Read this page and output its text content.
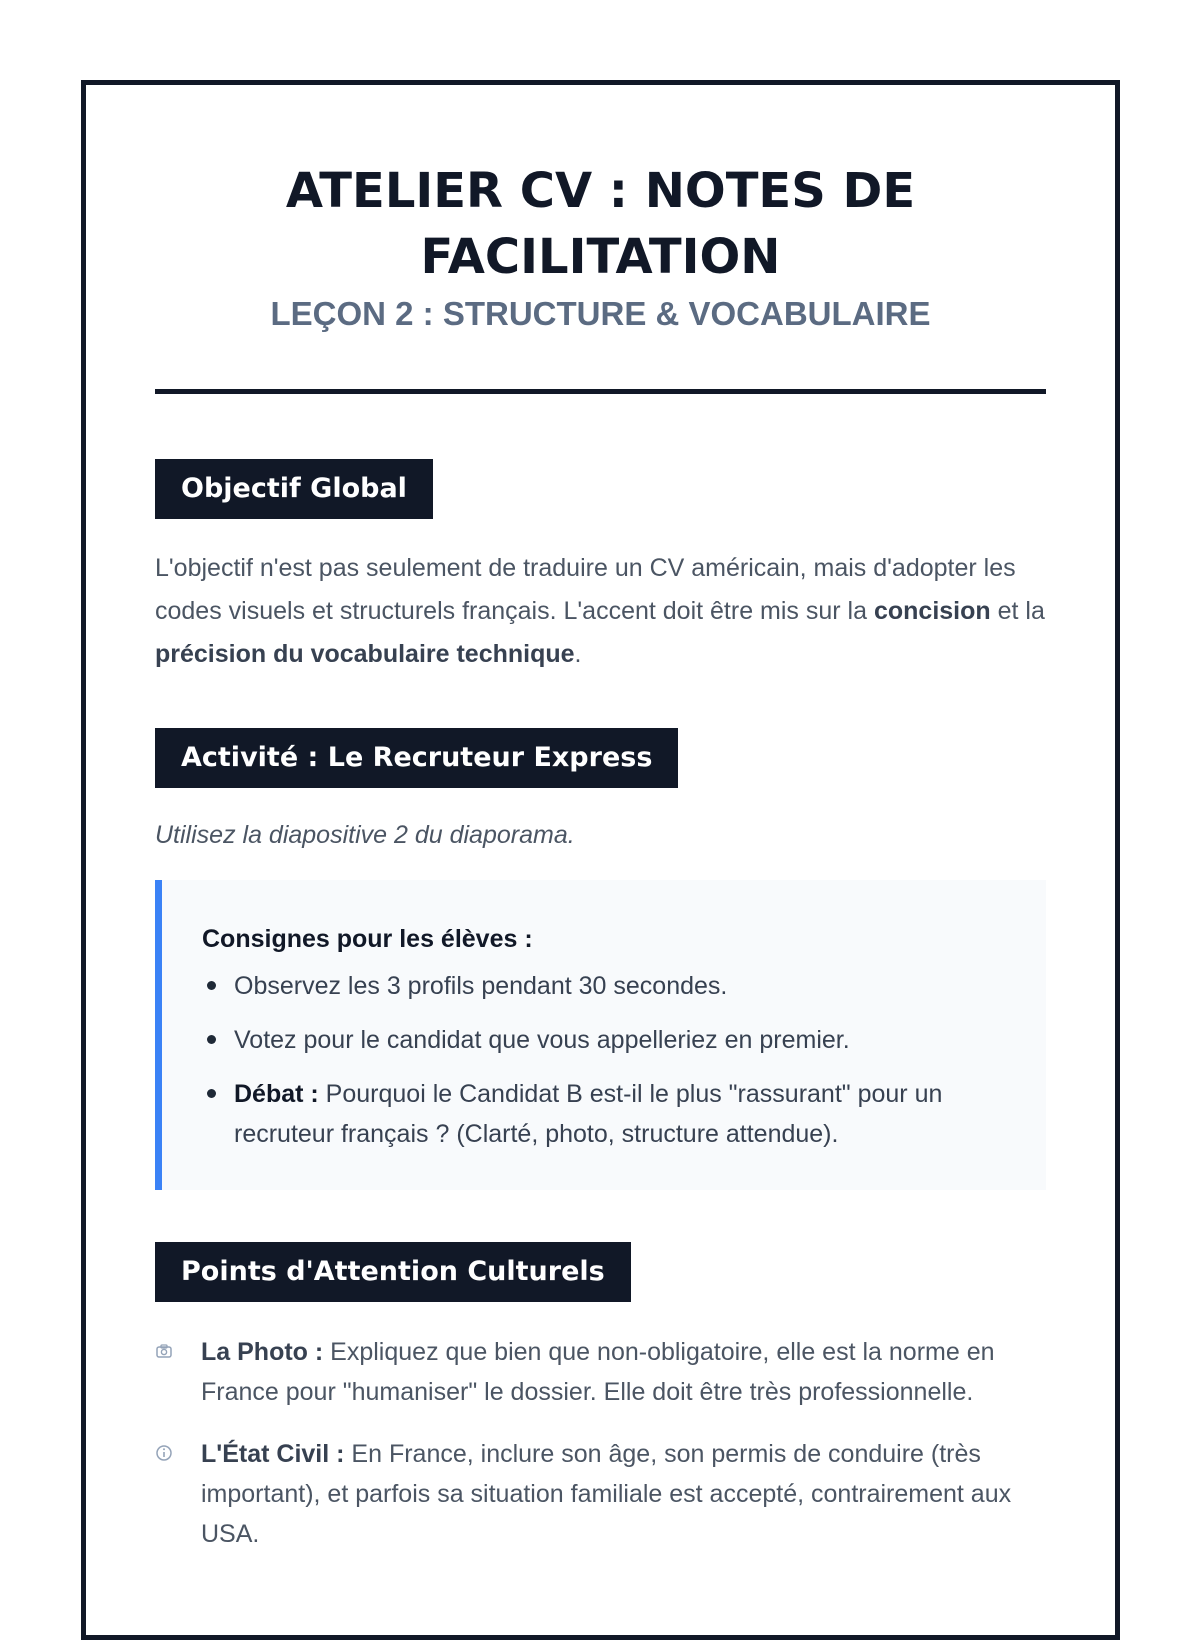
ATELIER CV : NOTES DE FACILITATION
LEÇON 2 : STRUCTURE & VOCABULAIRE
Objectif Global

L'objectif n'est pas seulement de traduire un CV américain, mais d'adopter les codes visuels et structurels français. L'accent doit être mis sur la concision et la précision du vocabulaire technique.

Activité : Le Recruteur Express

Utilisez la diapositive 2 du diaporama.

Consignes pour les élèves :
Observez les 3 profils pendant 30 secondes.
Votez pour le candidat que vous appelleriez en premier.
Débat : Pourquoi le Candidat B est-il le plus "rassurant" pour un recruteur français ? (Clarté, photo, structure attendue).
Points d'Attention Culturels
La Photo : Expliquez que bien que non-obligatoire, elle est la norme en France pour "humaniser" le dossier. Elle doit être très professionnelle.
L'État Civil : En France, inclure son âge, son permis de conduire (très important), et parfois sa situation familiale est accepté, contrairement aux USA.
